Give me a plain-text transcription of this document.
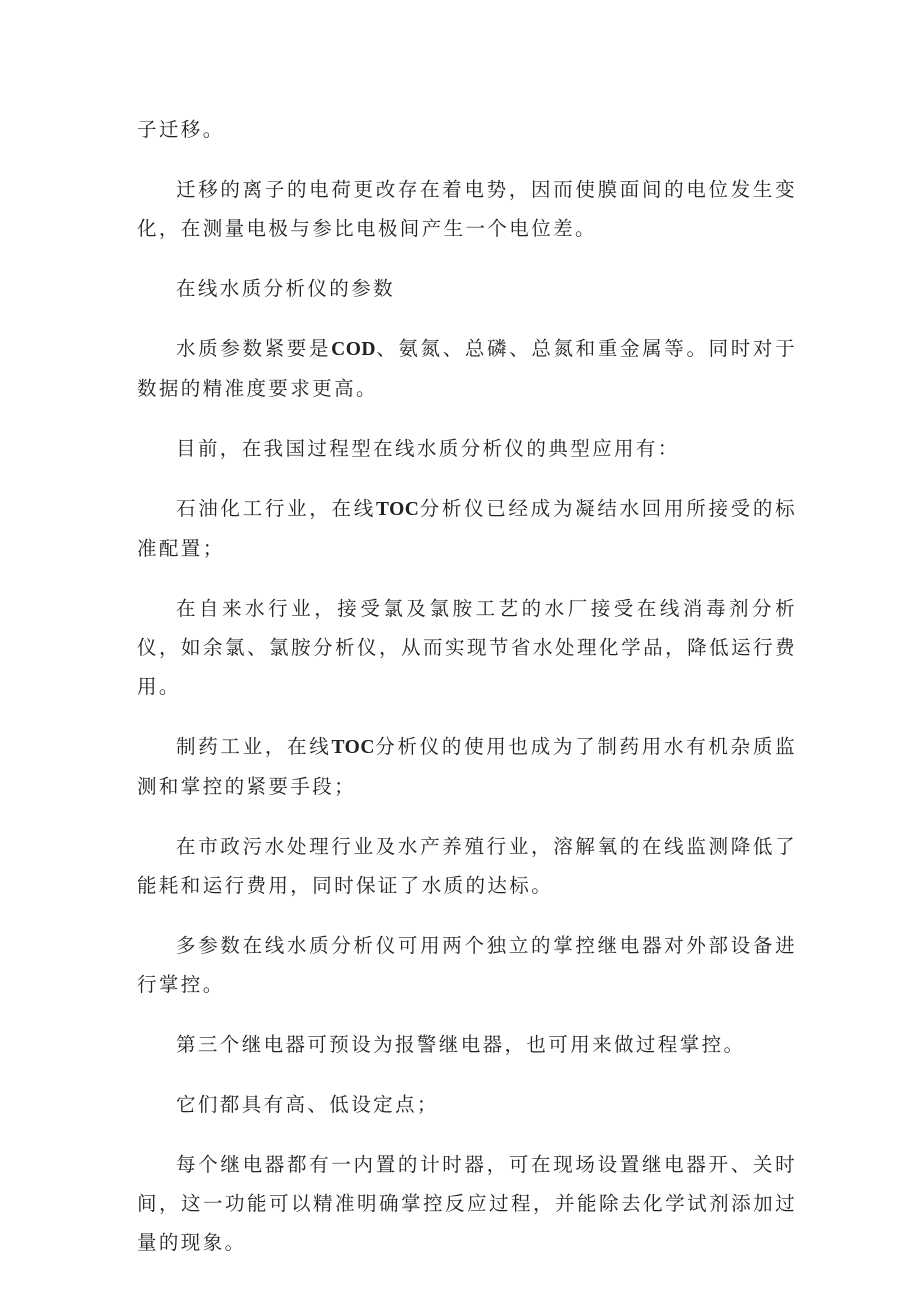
子迁移。

迁移的离子的电荷更改存在着电势，因而使膜面间的电位发生变化，在测量电极与参比电极间产生一个电位差。

在线水质分析仪的参数

水质参数紧要是COD、氨氮、总磷、总氮和重金属等。同时对于数据的精准度要求更高。

目前，在我国过程型在线水质分析仪的典型应用有：

石油化工行业，在线TOC分析仪已经成为凝结水回用所接受的标准配置；

在自来水行业，接受氯及氯胺工艺的水厂接受在线消毒剂分析仪，如余氯、氯胺分析仪，从而实现节省水处理化学品，降低运行费用。

制药工业，在线TOC分析仪的使用也成为了制药用水有机杂质监测和掌控的紧要手段；

在市政污水处理行业及水产养殖行业，溶解氧的在线监测降低了能耗和运行费用，同时保证了水质的达标。

多参数在线水质分析仪可用两个独立的掌控继电器对外部设备进行掌控。

第三个继电器可预设为报警继电器，也可用来做过程掌控。

它们都具有高、低设定点；

每个继电器都有一内置的计时器，可在现场设置继电器开、关时间，这一功能可以精准明确掌控反应过程，并能除去化学试剂添加过量的现象。
